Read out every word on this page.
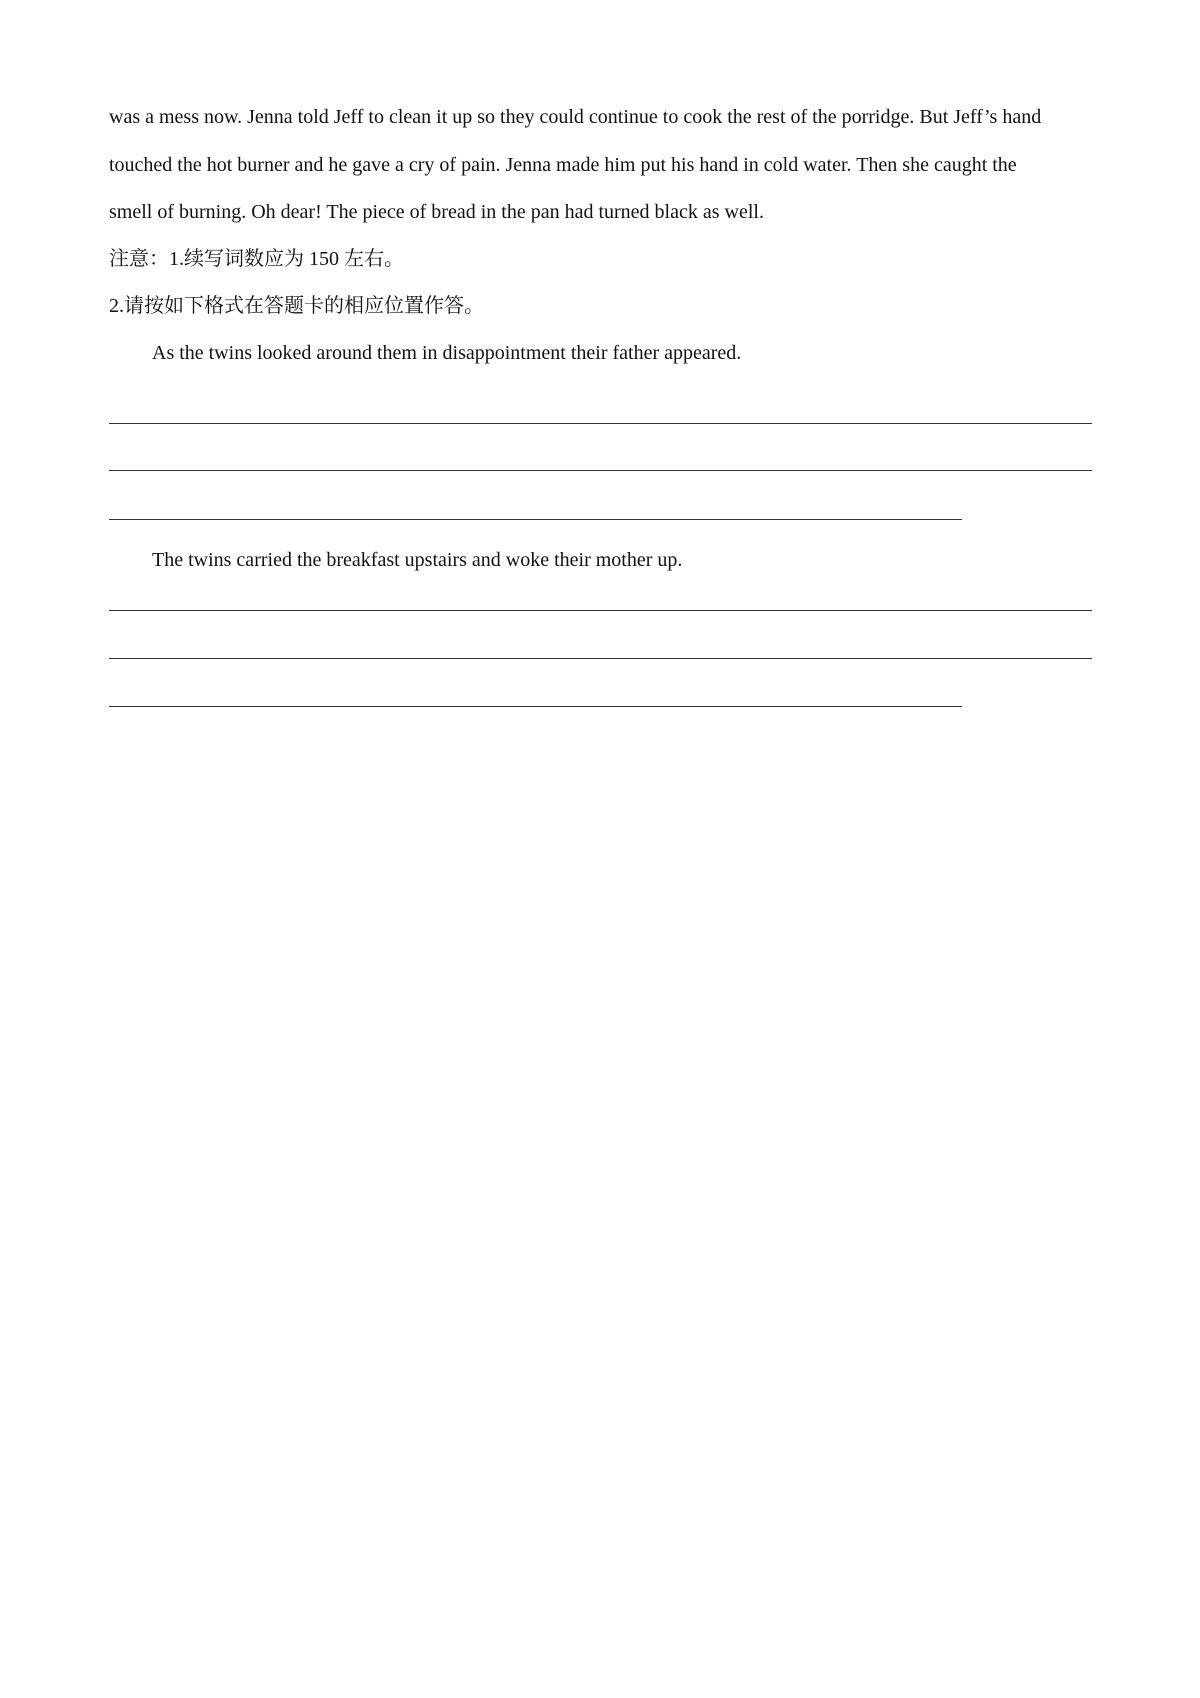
was a mess now. Jenna told Jeff to clean it up so they could continue to cook the rest of the porridge. But Jeff’s hand

touched the hot burner and he gave a cry of pain. Jenna made him put his hand in cold water. Then she caught the

smell of burning. Oh dear! The piece of bread in the pan had turned black as well.

注意：1.续写词数应为 150 左右。

2.请按如下格式在答题卡的相应位置作答。

As the twins looked around them in disappointment their father appeared.

The twins carried the breakfast upstairs and woke their mother up.
